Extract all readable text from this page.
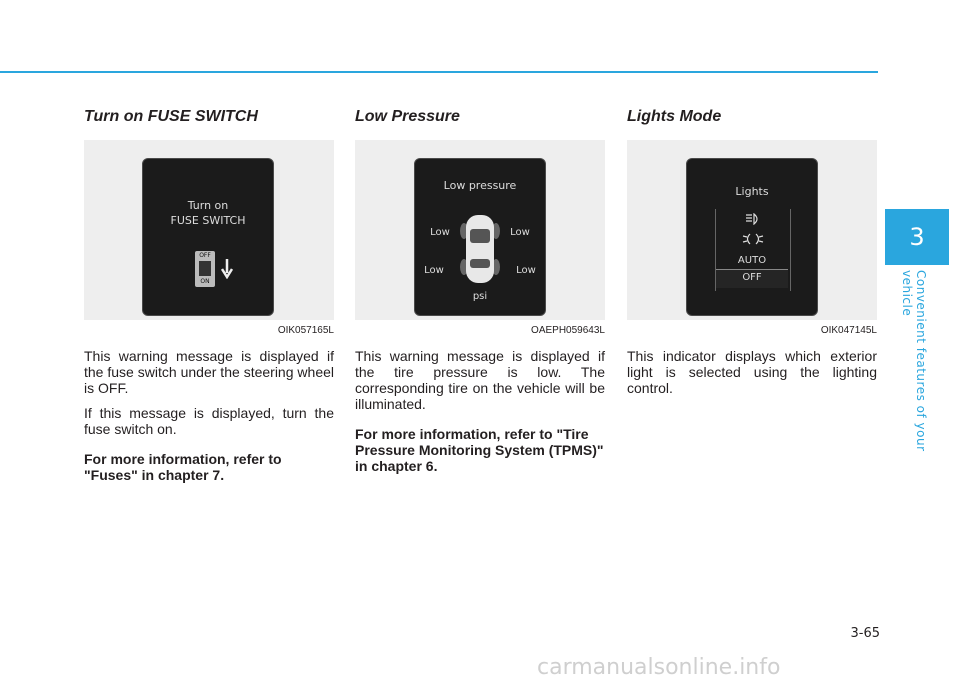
Turn on FUSE SWITCH
Turn on
FUSE SWITCH
OFF
ON
OIK057165L

This warning message is displayed if the fuse switch under the steering wheel is OFF.

If this message is displayed, turn the fuse switch on.

For more information, refer to "Fuses" in chapter 7.

Low Pressure
Low pressure
Low	Low
Low	Low
psi
OAEPH059643L

This warning message is displayed if the tire pressure is low. The corresponding tire on the vehicle will be illuminated.

For more information, refer to "Tire Pressure Monitoring System (TPMS)" in chapter 6.

Lights Mode
Lights
AUTO
OFF
OIK047145L

This indicator displays which exterior light is selected using the lighting control.

3
Convenient features of your vehicle
3-65
carmanualsonline.info
